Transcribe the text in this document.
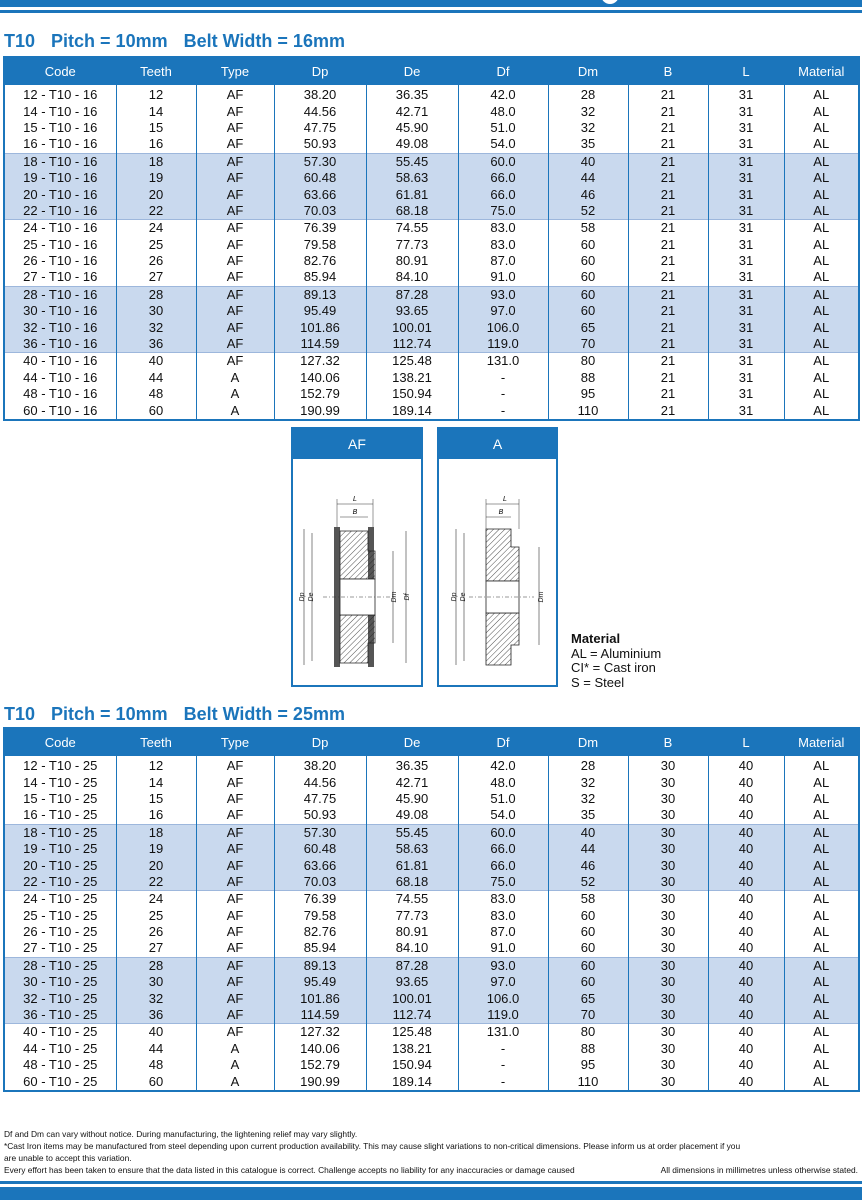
T10 Pitch = 10mm Belt Width = 16mm
Code	Teeth	Type	Dp	De	Df	Dm	B	L	Material
12 - T10 - 16	12	AF	38.20	36.35	42.0	28	21	31	AL
14 - T10 - 16	14	AF	44.56	42.71	48.0	32	21	31	AL
15 - T10 - 16	15	AF	47.75	45.90	51.0	32	21	31	AL
16 - T10 - 16	16	AF	50.93	49.08	54.0	35	21	31	AL
18 - T10 - 16	18	AF	57.30	55.45	60.0	40	21	31	AL
19 - T10 - 16	19	AF	60.48	58.63	66.0	44	21	31	AL
20 - T10 - 16	20	AF	63.66	61.81	66.0	46	21	31	AL
22 - T10 - 16	22	AF	70.03	68.18	75.0	52	21	31	AL
24 - T10 - 16	24	AF	76.39	74.55	83.0	58	21	31	AL
25 - T10 - 16	25	AF	79.58	77.73	83.0	60	21	31	AL
26 - T10 - 16	26	AF	82.76	80.91	87.0	60	21	31	AL
27 - T10 - 16	27	AF	85.94	84.10	91.0	60	21	31	AL
28 - T10 - 16	28	AF	89.13	87.28	93.0	60	21	31	AL
30 - T10 - 16	30	AF	95.49	93.65	97.0	60	21	31	AL
32 - T10 - 16	32	AF	101.86	100.01	106.0	65	21	31	AL
36 - T10 - 16	36	AF	114.59	112.74	119.0	70	21	31	AL
40 - T10 - 16	40	AF	127.32	125.48	131.0	80	21	31	AL
44 - T10 - 16	44	A	140.06	138.21	-	88	21	31	AL
48 - T10 - 16	48	A	152.79	150.94	-	95	21	31	AL
60 - T10 - 16	60	A	190.99	189.14	-	110	21	31	AL
AF
L
B
Dp De	Dm Df
A
L
B
Dp De	Dm
Material
AL = Aluminium
CI* = Cast iron
S = Steel
T10 Pitch = 10mm Belt Width = 25mm
Code	Teeth	Type	Dp	De	Df	Dm	B	L	Material
12 - T10 - 25	12	AF	38.20	36.35	42.0	28	30	40	AL
14 - T10 - 25	14	AF	44.56	42.71	48.0	32	30	40	AL
15 - T10 - 25	15	AF	47.75	45.90	51.0	32	30	40	AL
16 - T10 - 25	16	AF	50.93	49.08	54.0	35	30	40	AL
18 - T10 - 25	18	AF	57.30	55.45	60.0	40	30	40	AL
19 - T10 - 25	19	AF	60.48	58.63	66.0	44	30	40	AL
20 - T10 - 25	20	AF	63.66	61.81	66.0	46	30	40	AL
22 - T10 - 25	22	AF	70.03	68.18	75.0	52	30	40	AL
24 - T10 - 25	24	AF	76.39	74.55	83.0	58	30	40	AL
25 - T10 - 25	25	AF	79.58	77.73	83.0	60	30	40	AL
26 - T10 - 25	26	AF	82.76	80.91	87.0	60	30	40	AL
27 - T10 - 25	27	AF	85.94	84.10	91.0	60	30	40	AL
28 - T10 - 25	28	AF	89.13	87.28	93.0	60	30	40	AL
30 - T10 - 25	30	AF	95.49	93.65	97.0	60	30	40	AL
32 - T10 - 25	32	AF	101.86	100.01	106.0	65	30	40	AL
36 - T10 - 25	36	AF	114.59	112.74	119.0	70	30	40	AL
40 - T10 - 25	40	AF	127.32	125.48	131.0	80	30	40	AL
44 - T10 - 25	44	A	140.06	138.21	-	88	30	40	AL
48 - T10 - 25	48	A	152.79	150.94	-	95	30	40	AL
60 - T10 - 25	60	A	190.99	189.14	-	110	30	40	AL
Df and Dm can vary without notice. During manufacturing, the lightening relief may vary slightly.
*Cast Iron items may be manufactured from steel depending upon current production availability. This may cause slight variations to non-critical dimensions. Please inform us at order placement if you
are unable to accept this variation.
Every effort has been taken to ensure that the data listed in this catalogue is correct. Challenge accepts no liability for any inaccuracies or damage caused	All dimensions in millimetres unless otherwise stated.
